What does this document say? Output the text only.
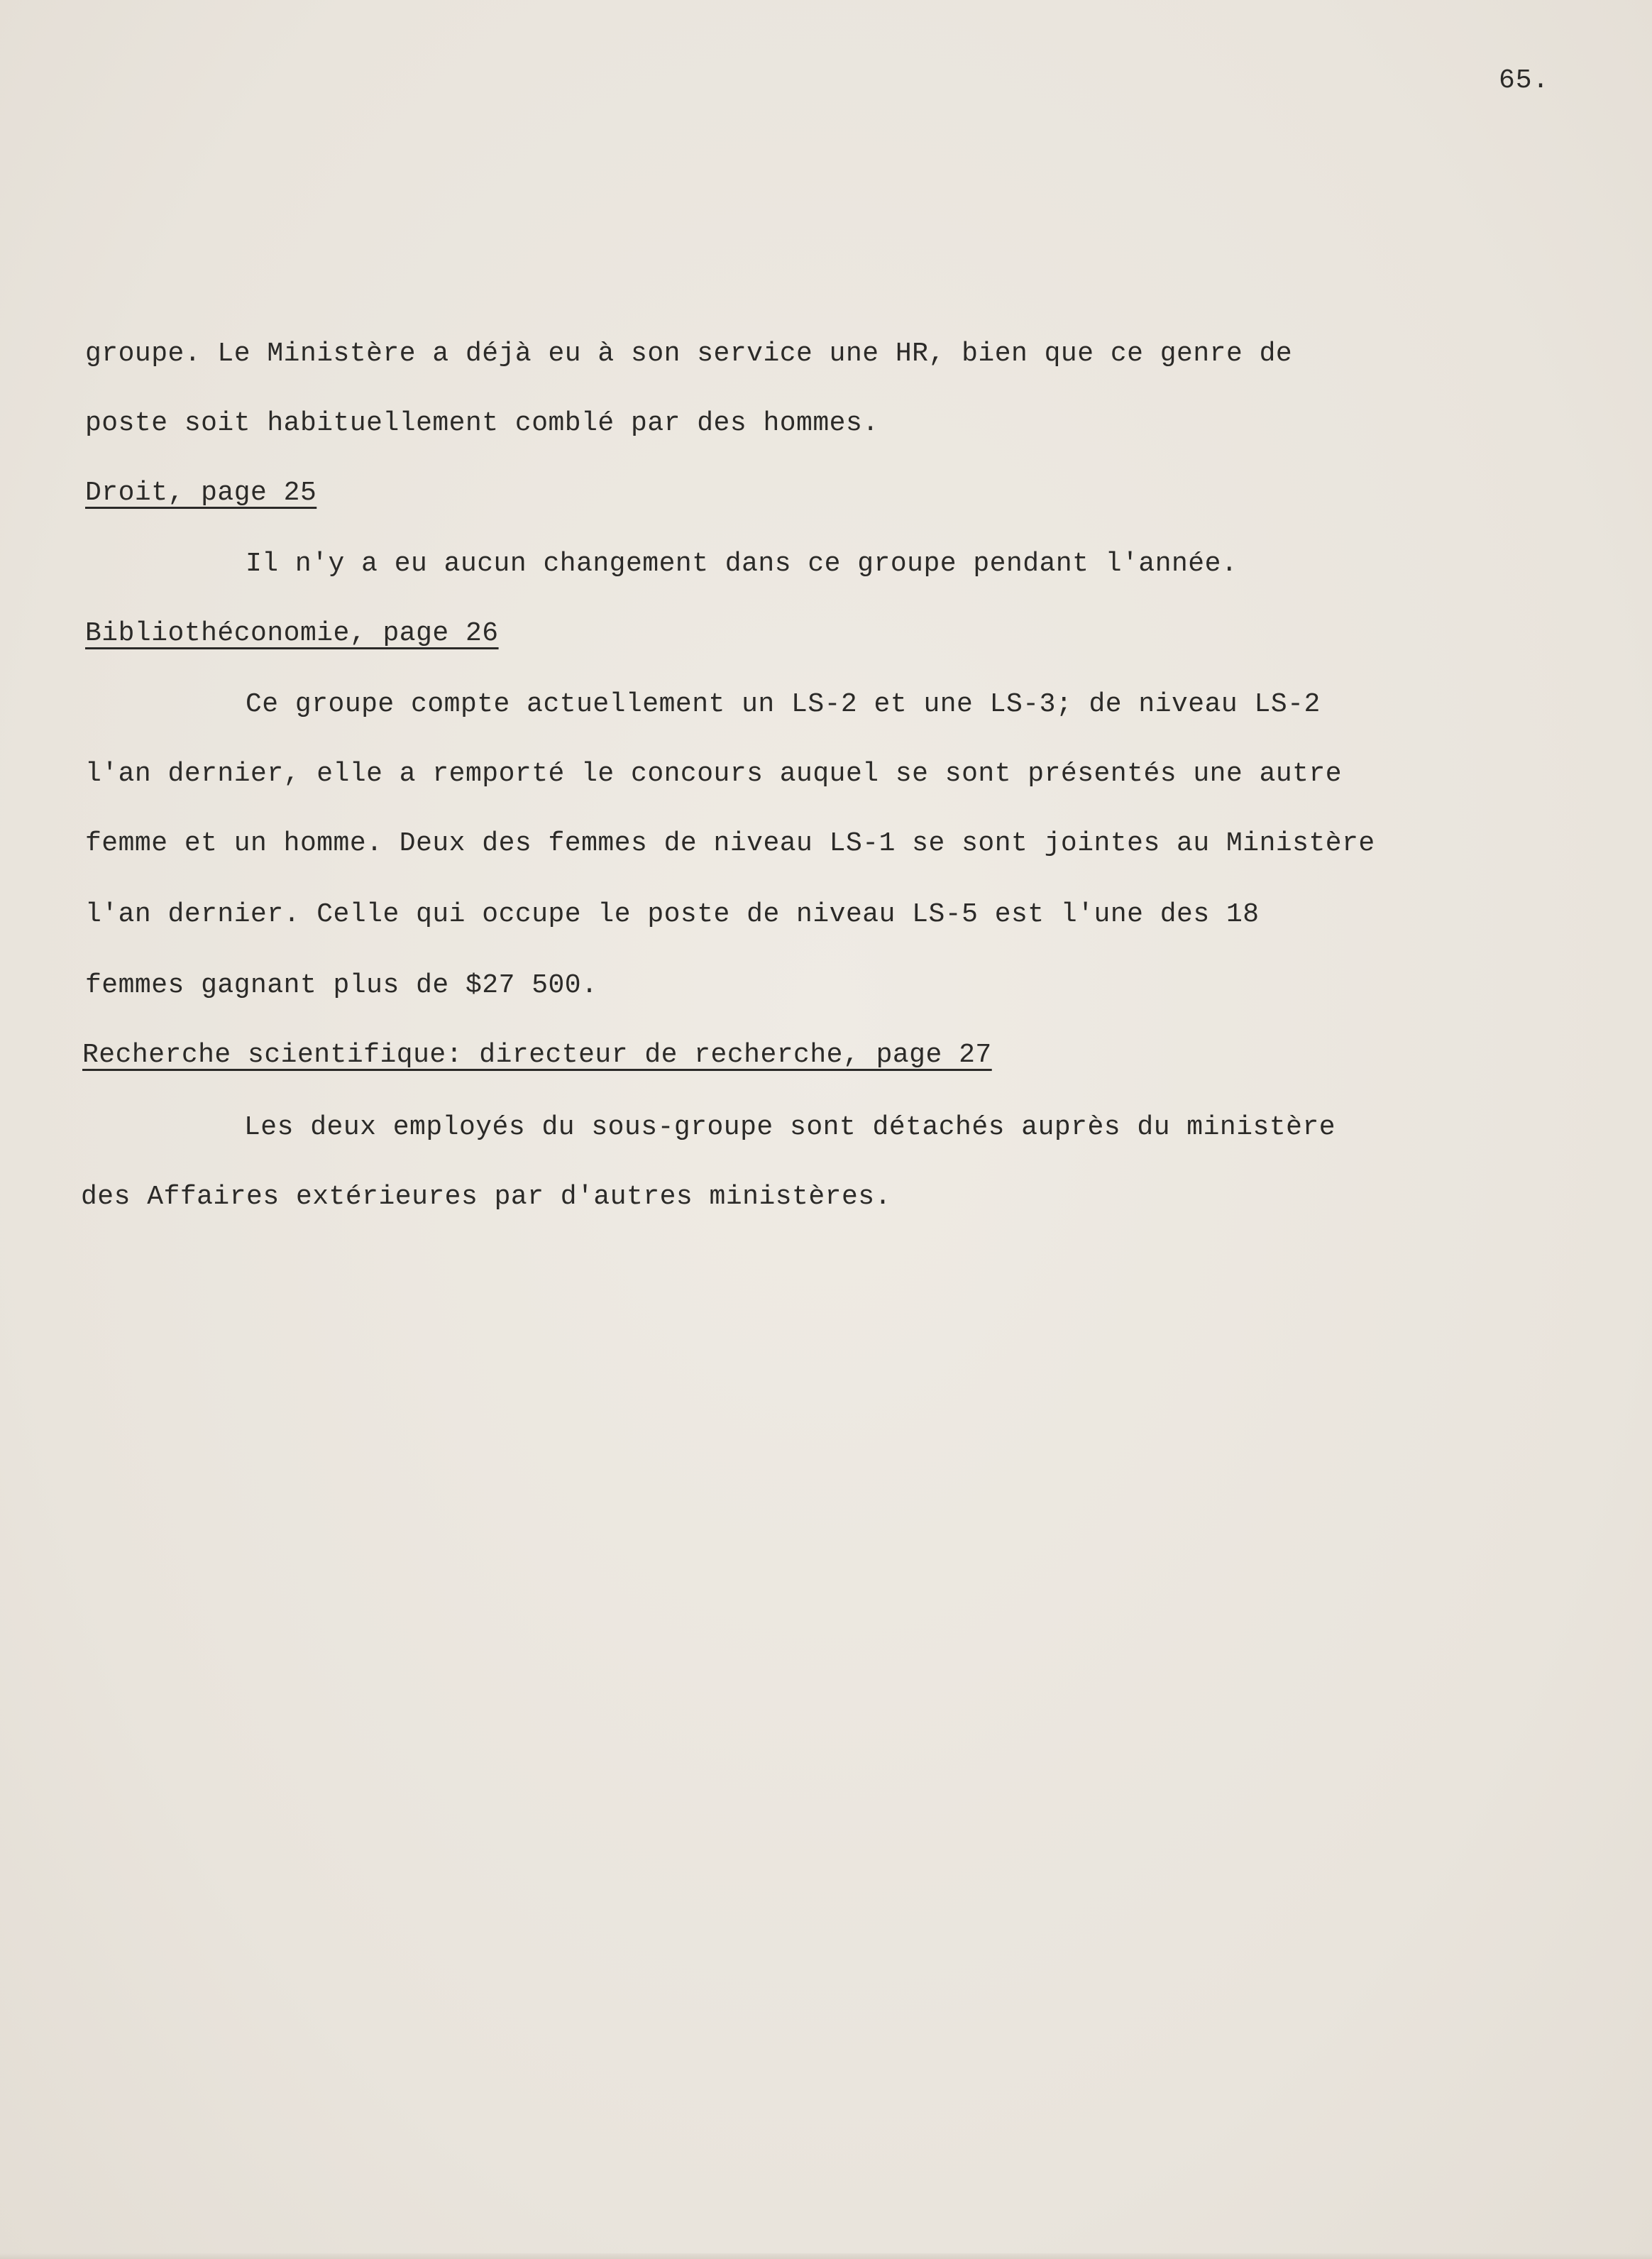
65.
groupe. Le Ministère a déjà eu à son service une HR, bien que ce genre de
poste soit habituellement comblé par des hommes.
Droit, page 25
Il n'y a eu aucun changement dans ce groupe pendant l'année.
Bibliothéconomie, page 26
Ce groupe compte actuellement un LS-2 et une LS-3; de niveau LS-2
l'an dernier, elle a remporté le concours auquel se sont présentés une autre
femme et un homme. Deux des femmes de niveau LS-1 se sont jointes au Ministère
l'an dernier. Celle qui occupe le poste de niveau LS-5 est l'une des 18
femmes gagnant plus de $27 500.
Recherche scientifique: directeur de recherche, page 27
Les deux employés du sous-groupe sont détachés auprès du ministère
des Affaires extérieures par d'autres ministères.
